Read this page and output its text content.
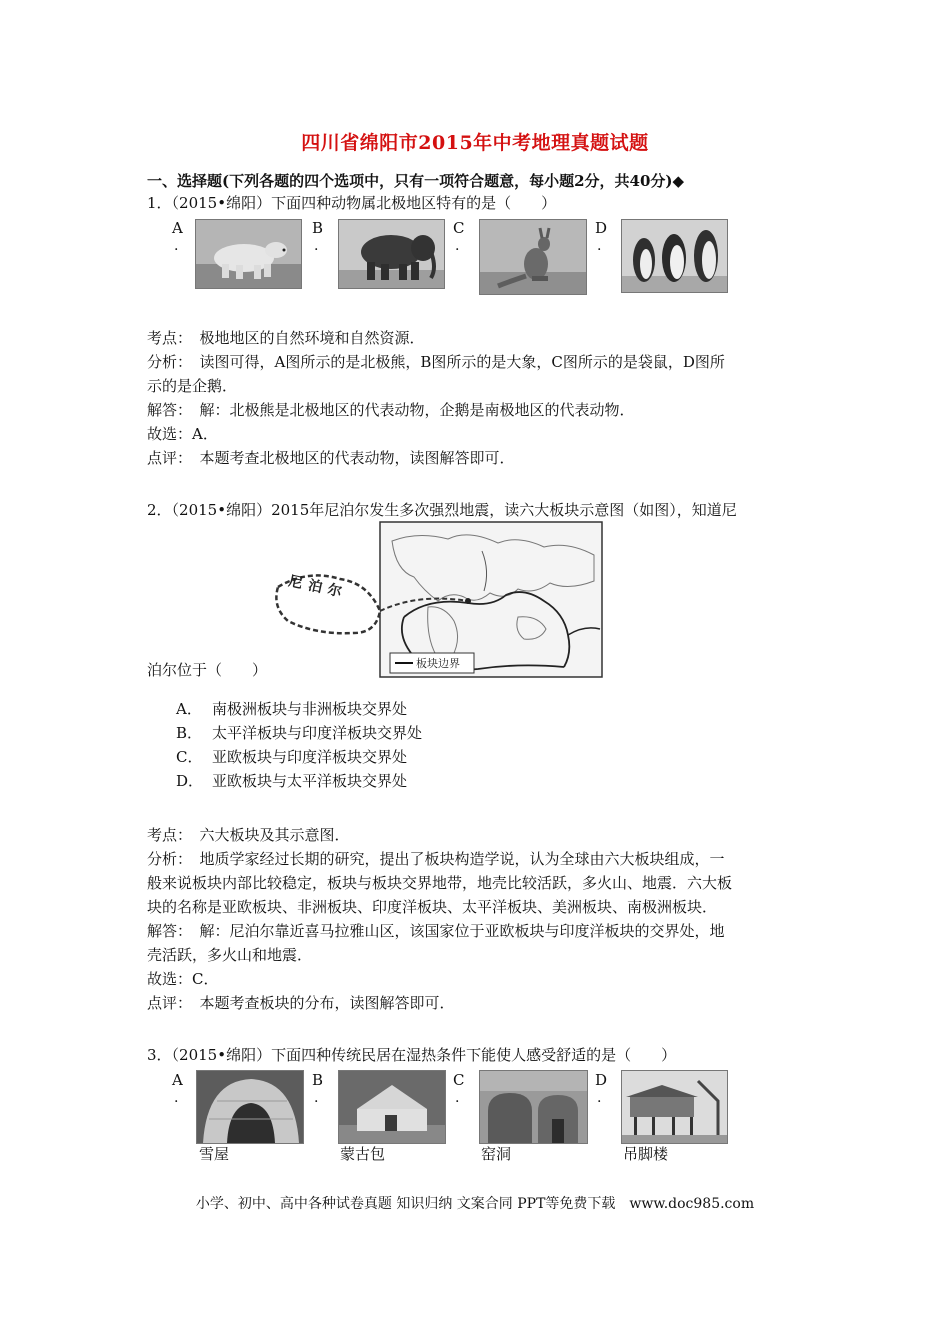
四川省绵阳市2015年中考地理真题试题
一、选择题(下列各题的四个选项中，只有一项符合题意，每小题2分，共40分)◆
1．（2015•绵阳）下面四种动物属北极地区特有的是（　　）
A
.
B
.
C
.
D
.
考点：　极地地区的自然环境和自然资源．
分析：　读图可得，A图所示的是北极熊，B图所示的是大象，C图所示的是袋鼠，D图所
示的是企鹅．
解答：　解：北极熊是北极地区的代表动物，企鹅是南极地区的代表动物．
故选：A．
点评：　本题考查北极地区的代表动物，读图解答即可．
2．（2015•绵阳）2015年尼泊尔发生多次强烈地震，读六大板块示意图（如图），知道尼
尼泊尔
板块边界
泊尔位于（　　）
A． 南极洲板块与非洲板块交界处
B． 太平洋板块与印度洋板块交界处
C． 亚欧板块与印度洋板块交界处
D． 亚欧板块与太平洋板块交界处
考点：　六大板块及其示意图．
分析：　地质学家经过长期的研究，提出了板块构造学说，认为全球由六大板块组成，一
般来说板块内部比较稳定，板块与板块交界地带，地壳比较活跃，多火山、地震．六大板
块的名称是亚欧板块、非洲板块、印度洋板块、太平洋板块、美洲板块、南极洲板块．
解答：　解：尼泊尔靠近喜马拉雅山区，该国家位于亚欧板块与印度洋板块的交界处，地
壳活跃，多火山和地震．
故选：C．
点评：　本题考查板块的分布，读图解答即可．
3．（2015•绵阳）下面四种传统民居在湿热条件下能使人感受舒适的是（　　）
A
.
雪屋
B
.
蒙古包
C
.
窑洞
D
.
吊脚楼
小学、初中、高中各种试卷真题 知识归纳 文案合同 PPT等免费下载　www.doc985.com
